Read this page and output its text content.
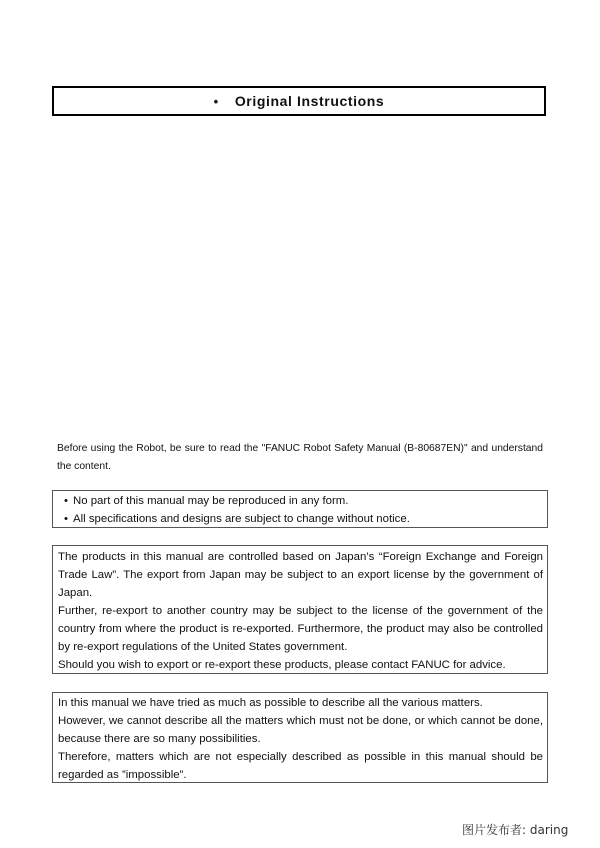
• Original Instructions
Before using the Robot, be sure to read the "FANUC Robot Safety Manual (B-80687EN)" and understand the content.
• No part of this manual may be reproduced in any form.
• All specifications and designs are subject to change without notice.

The products in this manual are controlled based on Japan’s “Foreign Exchange and Foreign Trade Law”. The export from Japan may be subject to an export license by the government of Japan.

Further, re-export to another country may be subject to the license of the government of the country from where the product is re-exported. Furthermore, the product may also be controlled by re-export regulations of the United States government.

Should you wish to export or re-export these products, please contact FANUC for advice.

In this manual we have tried as much as possible to describe all the various matters.

However, we cannot describe all the matters which must not be done, or which cannot be done, because there are so many possibilities.

Therefore, matters which are not especially described as possible in this manual should be regarded as ”impossible”.

图片发布者: daring
